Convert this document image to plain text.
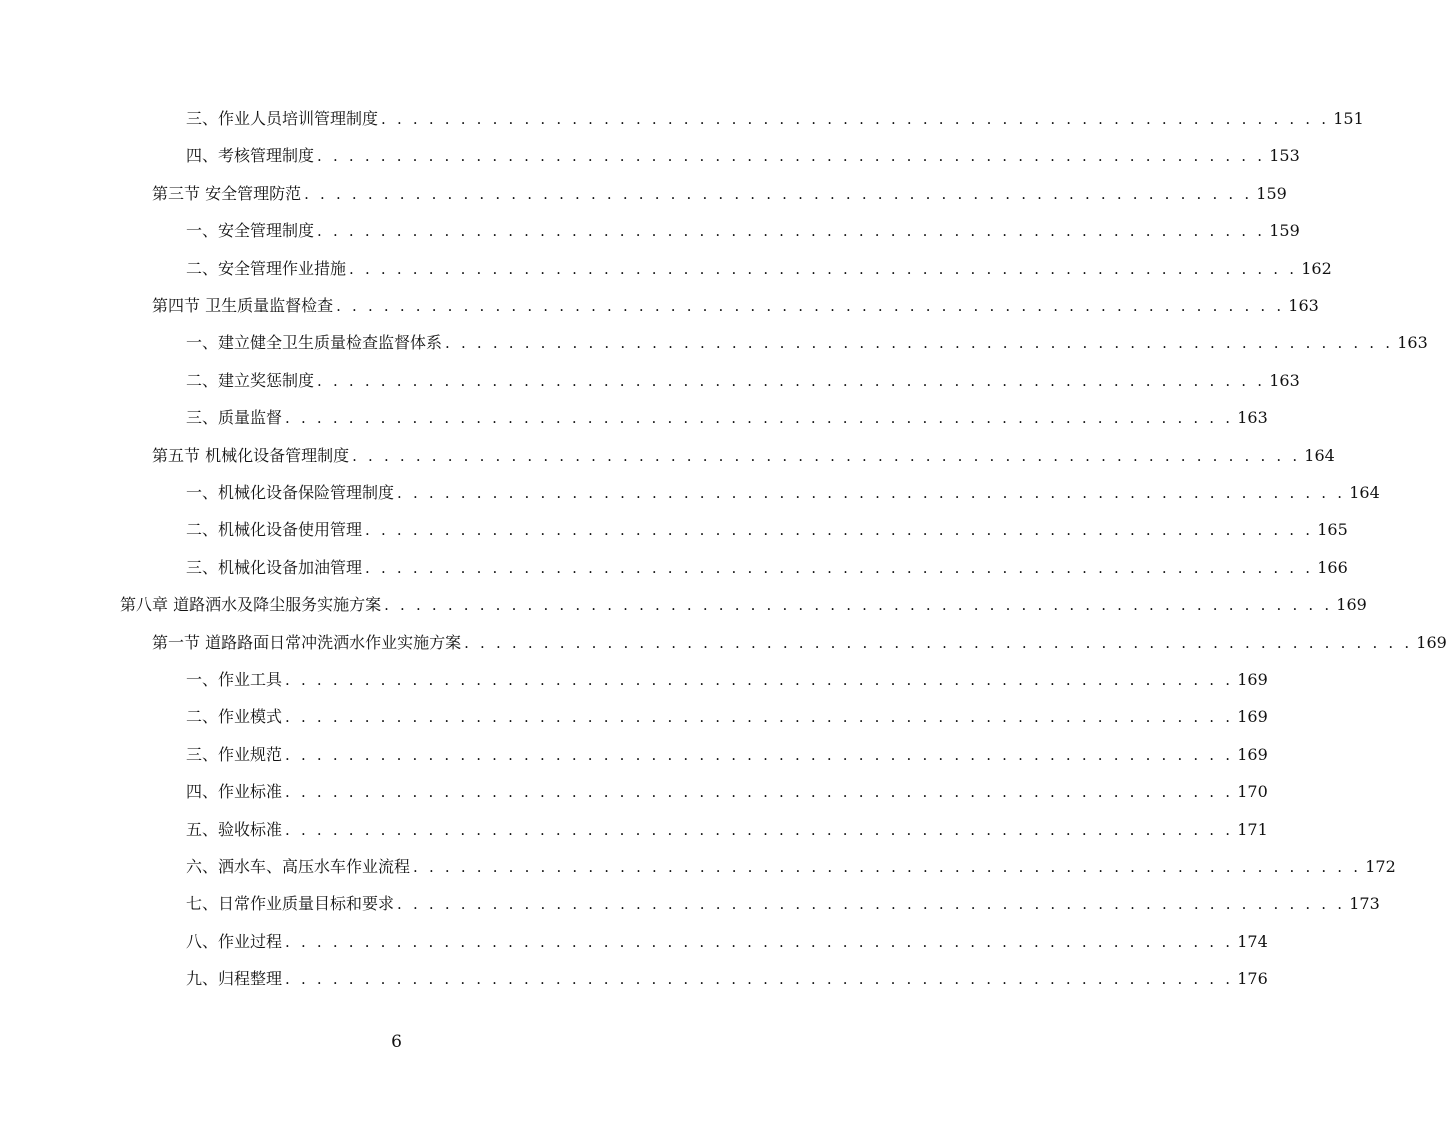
三、作业人员培训管理制度 . . . . . . . . . . . . . . . . . . . . . . . . . . . . . . . . . . . . . . . . . . . . . . . . . . . . . . . . . . . . 151
四、考核管理制度 . . . . . . . . . . . . . . . . . . . . . . . . . . . . . . . . . . . . . . . . . . . . . . . . . . . . . . . . . . . . 153
第三节 安全管理防范 . . . . . . . . . . . . . . . . . . . . . . . . . . . . . . . . . . . . . . . . . . . . . . . . . . . . . . . . . . . . 159
一、安全管理制度 . . . . . . . . . . . . . . . . . . . . . . . . . . . . . . . . . . . . . . . . . . . . . . . . . . . . . . . . . . . . 159
二、安全管理作业措施 . . . . . . . . . . . . . . . . . . . . . . . . . . . . . . . . . . . . . . . . . . . . . . . . . . . . . . . . . . . . 162
第四节 卫生质量监督检查 . . . . . . . . . . . . . . . . . . . . . . . . . . . . . . . . . . . . . . . . . . . . . . . . . . . . . . . . . . . . 163
一、建立健全卫生质量检查监督体系 . . . . . . . . . . . . . . . . . . . . . . . . . . . . . . . . . . . . . . . . . . . . . . . . . . . . . . . . . . . . 163
二、建立奖惩制度 . . . . . . . . . . . . . . . . . . . . . . . . . . . . . . . . . . . . . . . . . . . . . . . . . . . . . . . . . . . . 163
三、质量监督 . . . . . . . . . . . . . . . . . . . . . . . . . . . . . . . . . . . . . . . . . . . . . . . . . . . . . . . . . . . . 163
第五节 机械化设备管理制度 . . . . . . . . . . . . . . . . . . . . . . . . . . . . . . . . . . . . . . . . . . . . . . . . . . . . . . . . . . . . 164
一、机械化设备保险管理制度 . . . . . . . . . . . . . . . . . . . . . . . . . . . . . . . . . . . . . . . . . . . . . . . . . . . . . . . . . . . . 164
二、机械化设备使用管理 . . . . . . . . . . . . . . . . . . . . . . . . . . . . . . . . . . . . . . . . . . . . . . . . . . . . . . . . . . . . 165
三、机械化设备加油管理 . . . . . . . . . . . . . . . . . . . . . . . . . . . . . . . . . . . . . . . . . . . . . . . . . . . . . . . . . . . . 166
第八章 道路洒水及降尘服务实施方案 . . . . . . . . . . . . . . . . . . . . . . . . . . . . . . . . . . . . . . . . . . . . . . . . . . . . . . . . . . . . 169
第一节 道路路面日常冲洗洒水作业实施方案 . . . . . . . . . . . . . . . . . . . . . . . . . . . . . . . . . . . . . . . . . . . . . . . . . . . . . . . . . . . . 169
一、作业工具 . . . . . . . . . . . . . . . . . . . . . . . . . . . . . . . . . . . . . . . . . . . . . . . . . . . . . . . . . . . . 169
二、作业模式 . . . . . . . . . . . . . . . . . . . . . . . . . . . . . . . . . . . . . . . . . . . . . . . . . . . . . . . . . . . . 169
三、作业规范 . . . . . . . . . . . . . . . . . . . . . . . . . . . . . . . . . . . . . . . . . . . . . . . . . . . . . . . . . . . . 169
四、作业标准 . . . . . . . . . . . . . . . . . . . . . . . . . . . . . . . . . . . . . . . . . . . . . . . . . . . . . . . . . . . . 170
五、验收标准 . . . . . . . . . . . . . . . . . . . . . . . . . . . . . . . . . . . . . . . . . . . . . . . . . . . . . . . . . . . . 171
六、洒水车、高压水车作业流程 . . . . . . . . . . . . . . . . . . . . . . . . . . . . . . . . . . . . . . . . . . . . . . . . . . . . . . . . . . . . 172
七、日常作业质量目标和要求 . . . . . . . . . . . . . . . . . . . . . . . . . . . . . . . . . . . . . . . . . . . . . . . . . . . . . . . . . . . . 173
八、作业过程 . . . . . . . . . . . . . . . . . . . . . . . . . . . . . . . . . . . . . . . . . . . . . . . . . . . . . . . . . . . . 174
九、归程整理 . . . . . . . . . . . . . . . . . . . . . . . . . . . . . . . . . . . . . . . . . . . . . . . . . . . . . . . . . . . . 176
6
